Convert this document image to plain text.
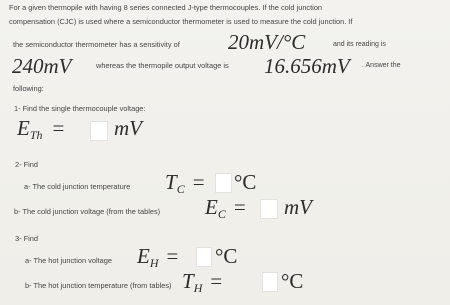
For a given thermopile with having 8 series connected J-type thermocouples. If the cold junction
compensation (CJC) is used where a semiconductor thermometer is used to measure the cold junction. If
the semiconductor thermometer has a sensitivity of 20mV/°C	and its reading is
240mV	whereas the thermopile output voltage is 16.656mV . Answer the
following:
1- Find the single thermocouple voltage:
$E_{Th}$ = mV
2- Find
a- The cold junction temperature $T_C = ^\circ C$
b- The cold junction voltage (from the tables) $E_C$ = mV
3- Find
a- The hot junction voltage $E_H = ^\circ C$
b- The hot junction temperature (from tables) $T_H$ =	°C
